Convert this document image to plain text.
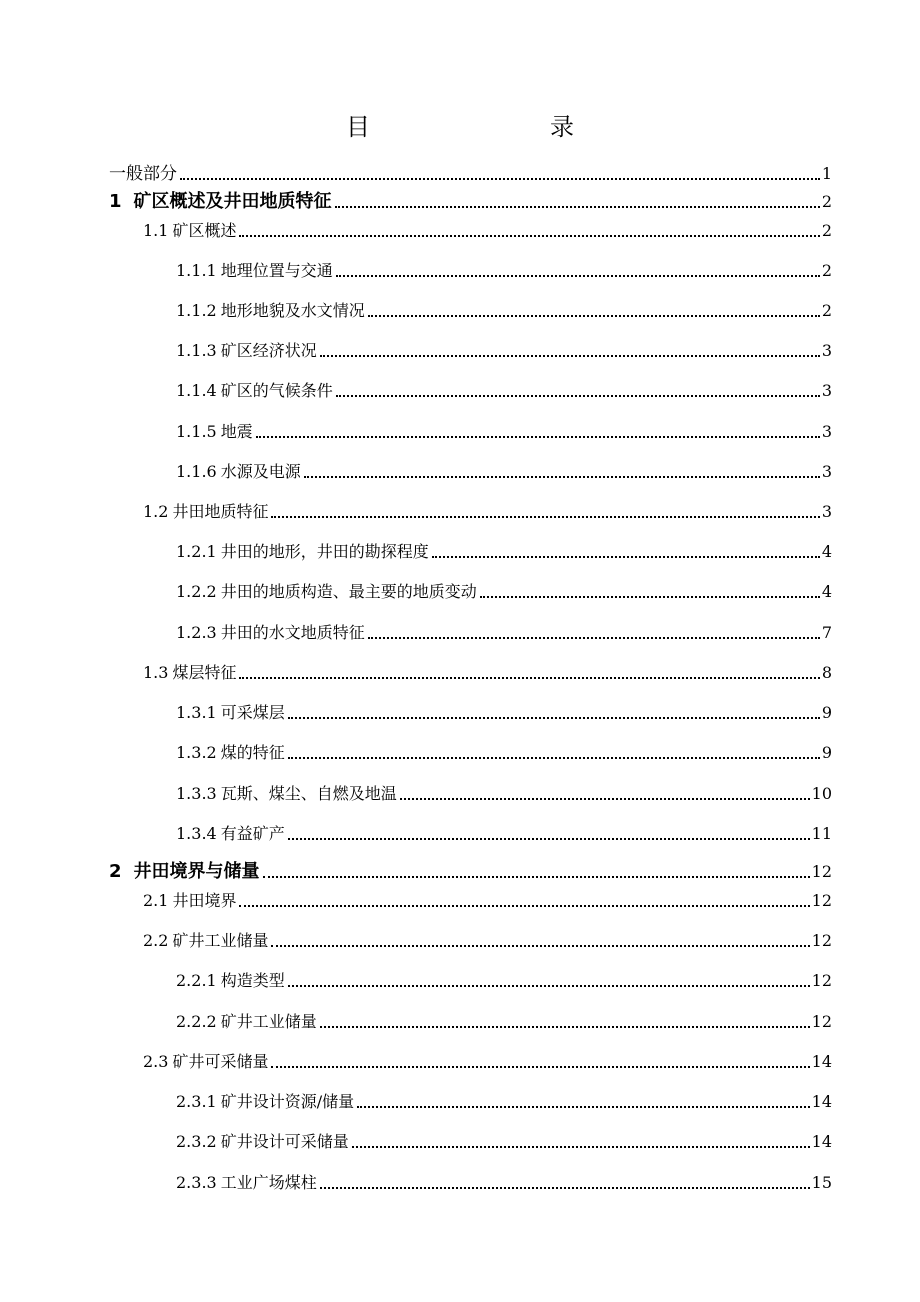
目　　录
一般部分	1
1 矿区概述及井田地质特征	2
1.1 矿区概述	2
1.1.1 地理位置与交通	2
1.1.2 地形地貌及水文情况	2
1.1.3 矿区经济状况	3
1.1.4 矿区的气候条件	3
1.1.5 地震	3
1.1.6 水源及电源	3
1.2 井田地质特征	3
1.2.1 井田的地形，井田的勘探程度	4
1.2.2 井田的地质构造、最主要的地质变动	4
1.2.3 井田的水文地质特征	7
1.3 煤层特征	8
1.3.1 可采煤层	9
1.3.2 煤的特征	9
1.3.3 瓦斯、煤尘、自燃及地温	10
1.3.4 有益矿产	11
2 井田境界与储量	12
2.1 井田境界	12
2.2 矿井工业储量	12
2.2.1 构造类型	12
2.2.2 矿井工业储量	12
2.3 矿井可采储量	14
2.3.1 矿井设计资源/储量	14
2.3.2 矿井设计可采储量	14
2.3.3 工业广场煤柱	15
